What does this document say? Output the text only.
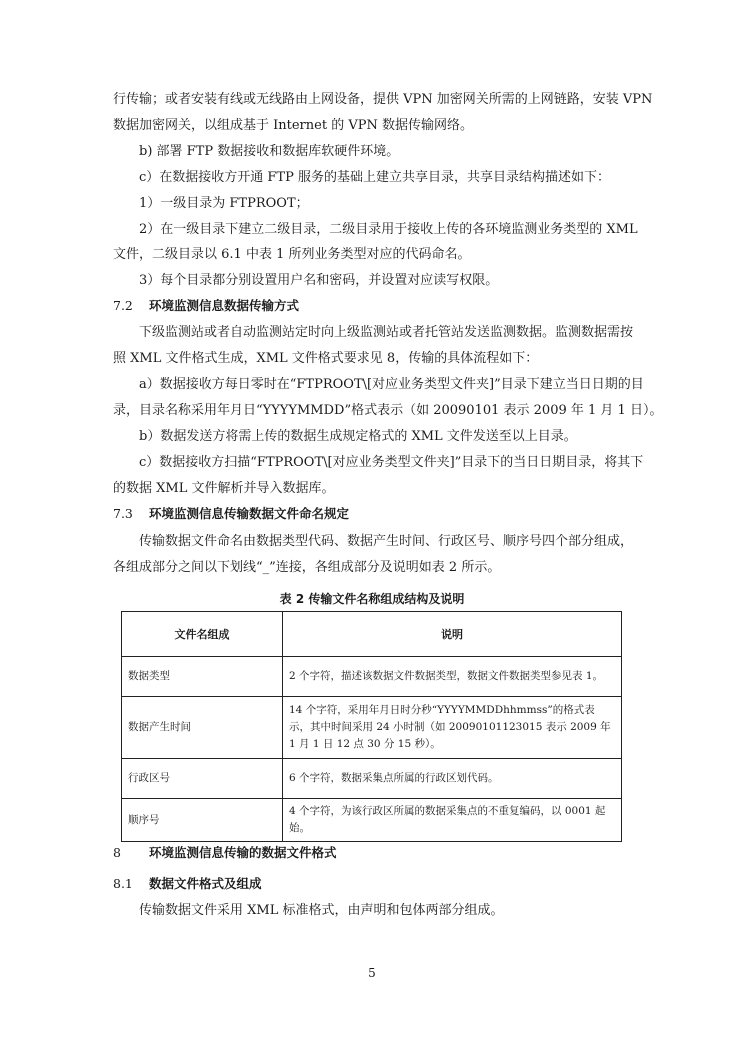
行传输；或者安装有线或无线路由上网设备，提供 VPN 加密网关所需的上网链路，安装 VPN
数据加密网关，以组成基于 Internet 的 VPN 数据传输网络。
b) 部署 FTP 数据接收和数据库软硬件环境。
c）在数据接收方开通 FTP 服务的基础上建立共享目录，共享目录结构描述如下：
1）一级目录为 FTPROOT；
2）在一级目录下建立二级目录，二级目录用于接收上传的各环境监测业务类型的 XML
文件，二级目录以 6.1 中表 1 所列业务类型对应的代码命名。
3）每个目录都分别设置用户名和密码，并设置对应读写权限。
7.2 环境监测信息数据传输方式
下级监测站或者自动监测站定时向上级监测站或者托管站发送监测数据。监测数据需按
照 XML 文件格式生成，XML 文件格式要求见 8，传输的具体流程如下：
a）数据接收方每日零时在“FTPROOT\[对应业务类型文件夹]”目录下建立当日日期的目
录，目录名称采用年月日“YYYYMMDD”格式表示（如 20090101 表示 2009 年 1 月 1 日）。
b）数据发送方将需上传的数据生成规定格式的 XML 文件发送至以上目录。
c）数据接收方扫描“FTPROOT\[对应业务类型文件夹]”目录下的当日日期目录，将其下
的数据 XML 文件解析并导入数据库。
7.3 环境监测信息传输数据文件命名规定
传输数据文件命名由数据类型代码、数据产生时间、行政区号、顺序号四个部分组成，
各组成部分之间以下划线“_”连接，各组成部分及说明如表 2 所示。
表 2 传输文件名称组成结构及说明
文件名组成	说明
数据类型	2 个字符，描述该数据文件数据类型，数据文件数据类型参见表 1。
数据产生时间	14 个字符，采用年月日时分秒“YYYYMMDDhhmmss”的格式表示，其中时间采用 24 小时制（如 20090101123015 表示 2009 年 1 月 1 日 12 点 30 分 15 秒）。
行政区号	6 个字符，数据采集点所属的行政区划代码。
顺序号	4 个字符，为该行政区所属的数据采集点的不重复编码，以 0001 起始。
8 环境监测信息传输的数据文件格式
8.1 数据文件格式及组成
传输数据文件采用 XML 标准格式，由声明和包体两部分组成。
5
